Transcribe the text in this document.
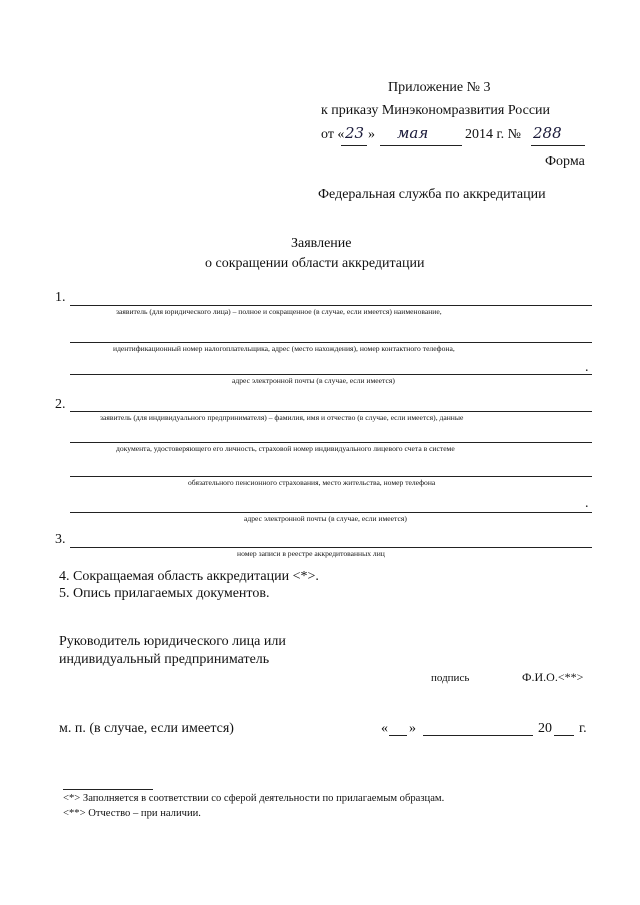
Приложение № 3
к приказу Минэкономразвития России
от « 23 » мая	2014 г. № 288
Форма
Федеральная служба по аккредитации
Заявление
о сокращении области аккредитации
1.
заявитель (для юридического лица) – полное и сокращенное (в случае, если имеется) наименование,
идентификационный номер налогоплательщика, адрес (место нахождения), номер контактного телефона,
.
адрес электронной почты (в случае, если имеется)
2.
заявитель (для индивидуального предпринимателя) – фамилия, имя и отчество (в случае, если имеется), данные
документа, удостоверяющего его личность, страховой номер индивидуального лицевого счета в системе
обязательного пенсионного страхования, место жительства, номер телефона
.
адрес электронной почты (в случае, если имеется)
3.
номер записи в реестре аккредитованных лиц
4. Сокращаемая область аккредитации <*>.
5. Опись прилагаемых документов.
Руководитель юридического лица или
индивидуальный предприниматель
подпись	Ф.И.О.<**>
м. п. (в случае, если имеется)	« »	20 г.
<*> Заполняется в соответствии со сферой деятельности по прилагаемым образцам.
<**> Отчество – при наличии.
